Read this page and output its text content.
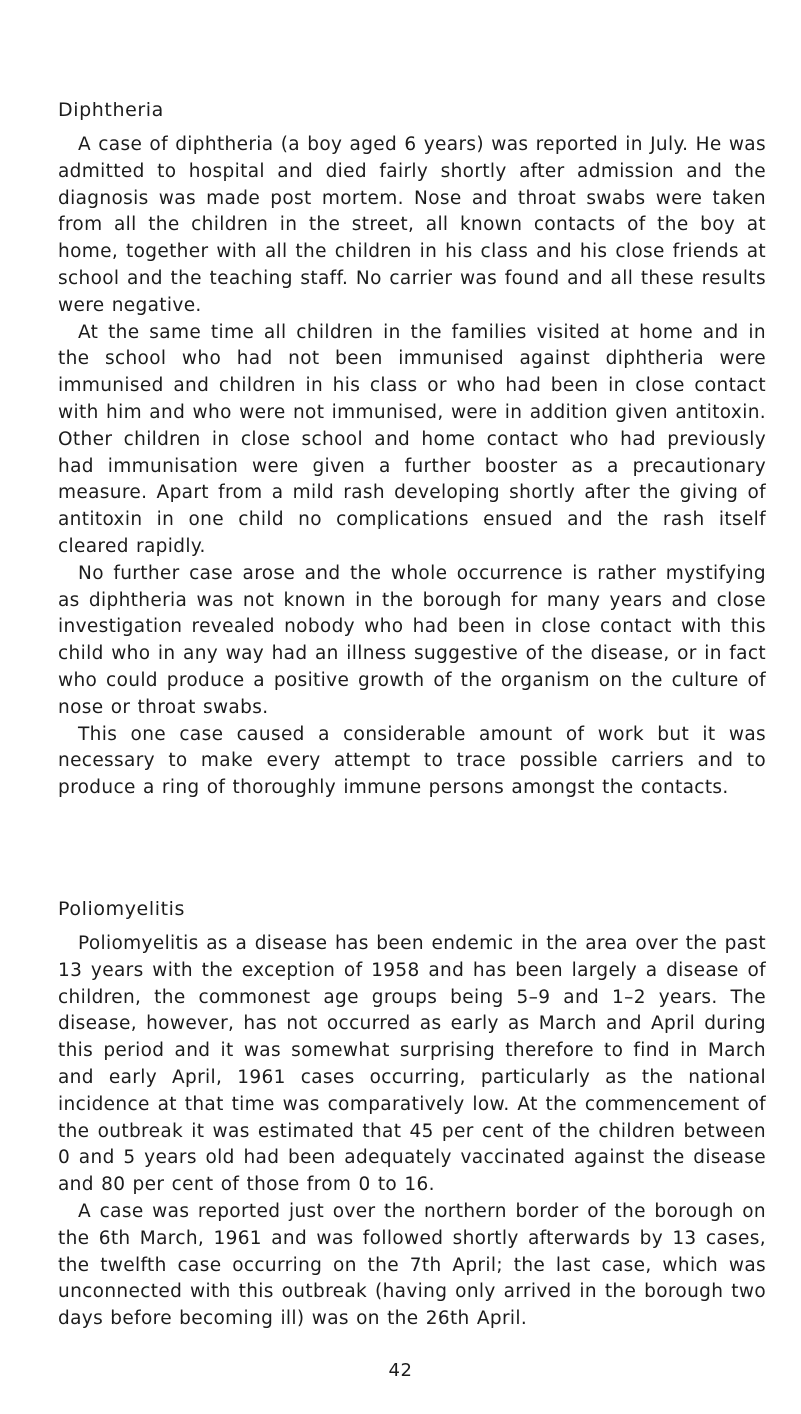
Diphtheria

A case of diphtheria (a boy aged 6 years) was reported in July. He was admitted to hospital and died fairly shortly after admission and the diagnosis was made post mortem. Nose and throat swabs were taken from all the children in the street, all known contacts of the boy at home, together with all the children in his class and his close friends at school and the teaching staff. No carrier was found and all these results were negative.

At the same time all children in the families visited at home and in the school who had not been immunised against diphtheria were immunised and children in his class or who had been in close contact with him and who were not immunised, were in addition given antitoxin. Other children in close school and home contact who had previously had immunisation were given a further booster as a precautionary measure. Apart from a mild rash developing shortly after the giving of antitoxin in one child no complications ensued and the rash itself cleared rapidly.

No further case arose and the whole occurrence is rather mystifying as diphtheria was not known in the borough for many years and close investigation revealed nobody who had been in close contact with this child who in any way had an illness suggestive of the disease, or in fact who could produce a positive growth of the organism on the culture of nose or throat swabs.

This one case caused a considerable amount of work but it was necessary to make every attempt to trace possible carriers and to produce a ring of thoroughly immune persons amongst the contacts.

Poliomyelitis

Poliomyelitis as a disease has been endemic in the area over the past 13 years with the exception of 1958 and has been largely a disease of children, the commonest age groups being 5–9 and 1–2 years. The disease, however, has not occurred as early as March and April during this period and it was somewhat surprising therefore to find in March and early April, 1961 cases occurring, particularly as the national incidence at that time was comparatively low. At the commencement of the outbreak it was estimated that 45 per cent of the children between 0 and 5 years old had been adequately vaccinated against the disease and 80 per cent of those from 0 to 16.

A case was reported just over the northern border of the borough on the 6th March, 1961 and was followed shortly afterwards by 13 cases, the twelfth case occurring on the 7th April; the last case, which was unconnected with this outbreak (having only arrived in the borough two days before becoming ill) was on the 26th April.

42
